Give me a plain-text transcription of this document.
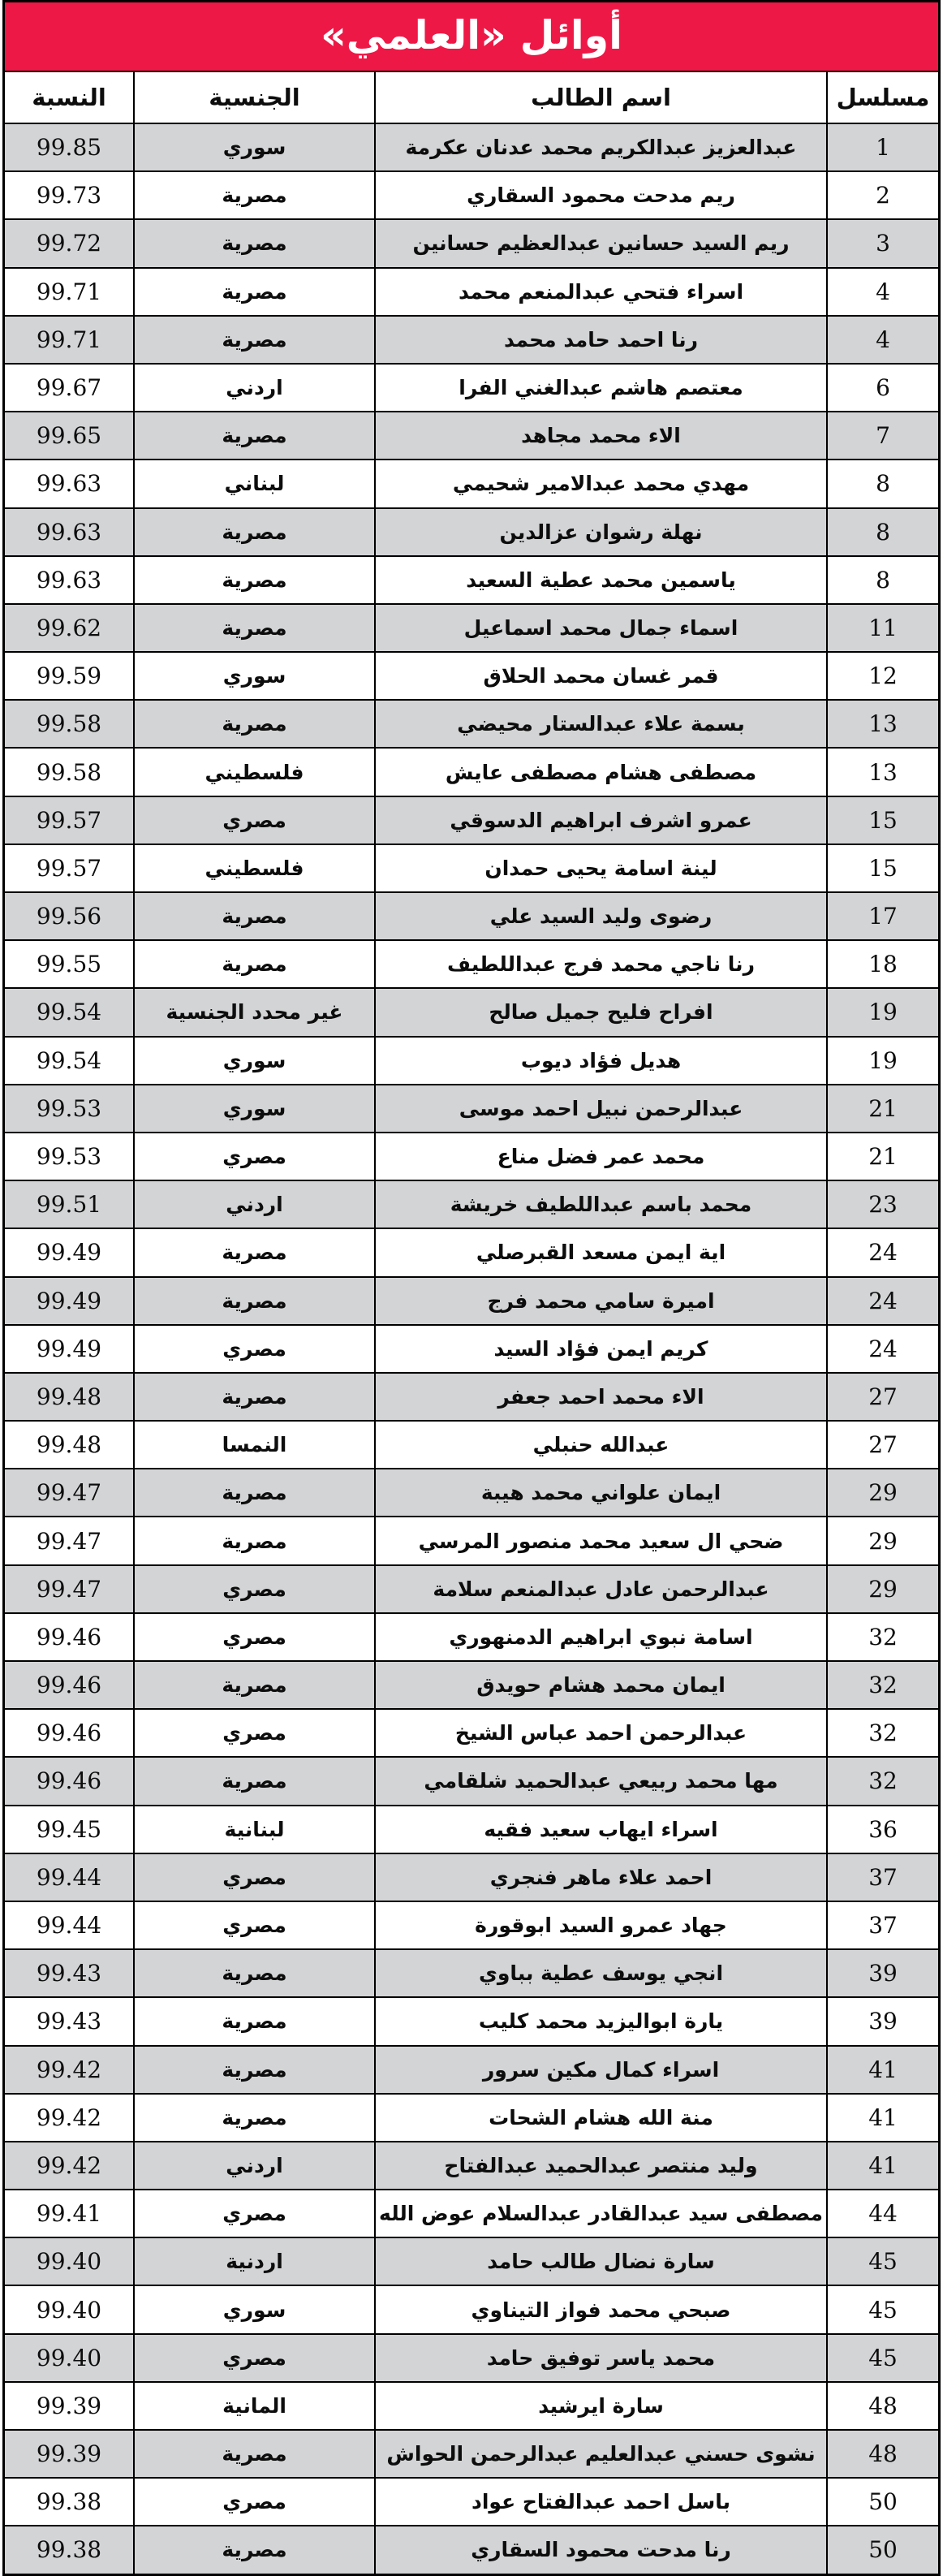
أوائل «العلمي»
مسلسل
اسم الطالب
الجنسية
النسبة
1
عبدالعزيز عبدالكريم محمد عدنان عكرمة
سوري
99.85
2
ريم مدحت محمود السقاري
مصرية
99.73
3
ريم السيد حسانين عبدالعظيم حسانين
مصرية
99.72
4
اسراء فتحي عبدالمنعم محمد
مصرية
99.71
4
رنا احمد حامد محمد
مصرية
99.71
6
معتصم هاشم عبدالغني الفرا
اردني
99.67
7
الاء محمد مجاهد
مصرية
99.65
8
مهدي محمد عبدالامير شحيمي
لبناني
99.63
8
نهلة رشوان عزالدين
مصرية
99.63
8
ياسمين محمد عطية السعيد
مصرية
99.63
11
اسماء جمال محمد اسماعيل
مصرية
99.62
12
قمر غسان محمد الحلاق
سوري
99.59
13
بسمة علاء عبدالستار محيضي
مصرية
99.58
13
مصطفى هشام مصطفى عايش
فلسطيني
99.58
15
عمرو اشرف ابراهيم الدسوقي
مصري
99.57
15
لينة اسامة يحيى حمدان
فلسطيني
99.57
17
رضوى وليد السيد علي
مصرية
99.56
18
رنا ناجي محمد فرج عبداللطيف
مصرية
99.55
19
افراح فليح جميل صالح
غير محدد الجنسية
99.54
19
هديل فؤاد ديوب
سوري
99.54
21
عبدالرحمن نبيل احمد موسى
سوري
99.53
21
محمد عمر فضل مناع
مصري
99.53
23
محمد باسم عبداللطيف خريشة
اردني
99.51
24
اية ايمن مسعد القبرصلي
مصرية
99.49
24
اميرة سامي محمد فرج
مصرية
99.49
24
كريم ايمن فؤاد السيد
مصري
99.49
27
الاء محمد احمد جعفر
مصرية
99.48
27
عبدالله حنبلي
النمسا
99.48
29
ايمان علواني محمد هيبة
مصرية
99.47
29
ضحي ال سعيد محمد منصور المرسي
مصرية
99.47
29
عبدالرحمن عادل عبدالمنعم سلامة
مصري
99.47
32
اسامة نبوي ابراهيم الدمنهوري
مصري
99.46
32
ايمان محمد هشام حويدق
مصرية
99.46
32
عبدالرحمن احمد عباس الشيخ
مصري
99.46
32
مها محمد ربيعي عبدالحميد شلقامي
مصرية
99.46
36
اسراء ايهاب سعيد فقيه
لبنانية
99.45
37
احمد علاء ماهر فنجري
مصري
99.44
37
جهاد عمرو السيد ابوقورة
مصري
99.44
39
انجي يوسف عطية بباوي
مصرية
99.43
39
يارة ابواليزيد محمد كليب
مصرية
99.43
41
اسراء كمال مكين سرور
مصرية
99.42
41
منة الله هشام الشحات
مصرية
99.42
41
وليد منتصر عبدالحميد عبدالفتاح
اردني
99.42
44
مصطفى سيد عبدالقادر عبدالسلام عوض الله
مصري
99.41
45
سارة نضال طالب حامد
اردنية
99.40
45
صبحي محمد فواز التيناوي
سوري
99.40
45
محمد ياسر توفيق حامد
مصري
99.40
48
سارة ايرشيد
المانية
99.39
48
نشوى حسني عبدالعليم عبدالرحمن الحواش
مصرية
99.39
50
باسل احمد عبدالفتاح عواد
مصري
99.38
50
رنا مدحت محمود السقاري
مصرية
99.38
